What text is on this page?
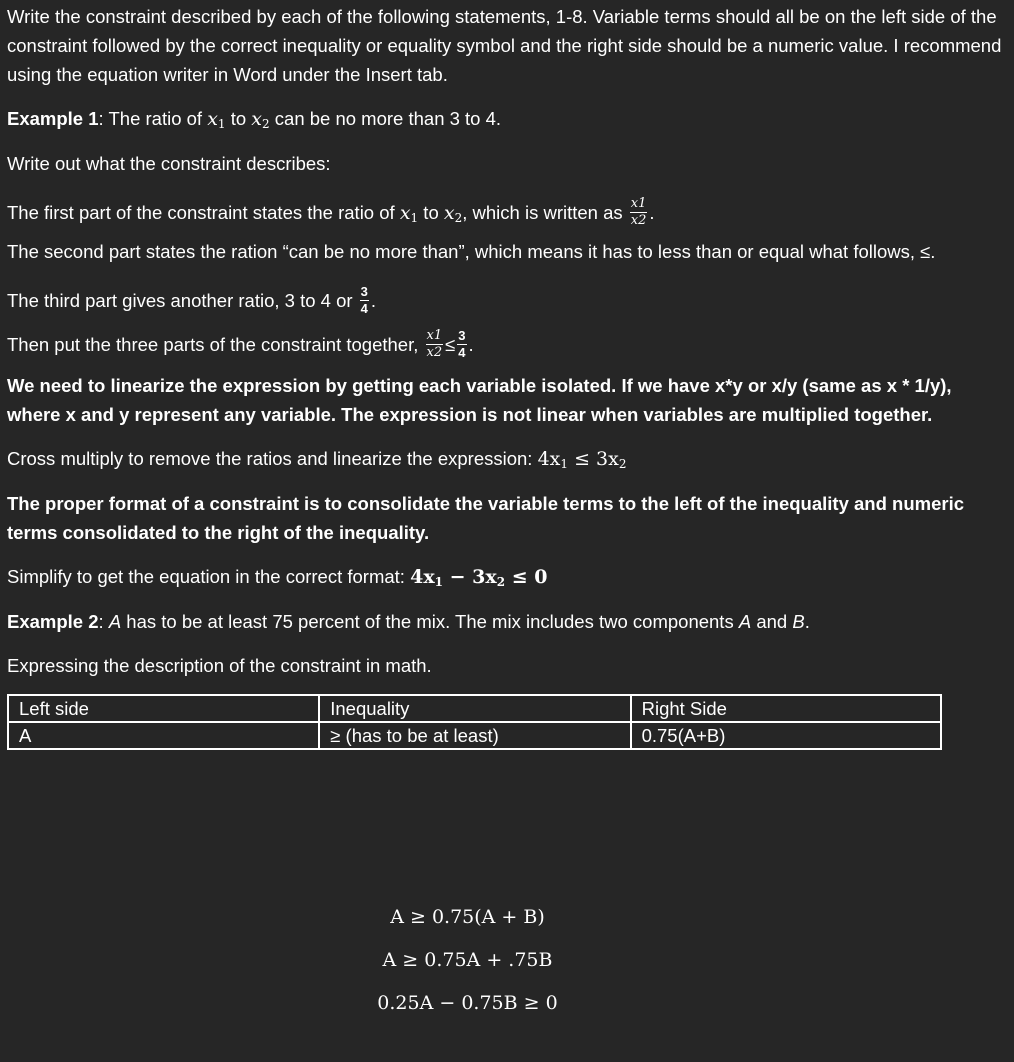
Write the constraint described by each of the following statements, 1-8. Variable terms should all be on the left side of the constraint followed by the correct inequality or equality symbol and the right side should be a numeric value. I recommend using the equation writer in Word under the Insert tab.

Example 1: The ratio of $x_1$ to $x_2$ can be no more than 3 to 4.

Write out what the constraint describes:

The first part of the constraint states the ratio of $x_1$ to $x_2$, which is written as $\frac{x1}{x2}$ .

The second part states the ration “can be no more than”, which means it has to less than or equal what follows, ≤.

The third part gives another ratio, 3 to 4 or $\frac{3}{4}$ .

Then put the three parts of the constraint together, $\frac{x1}{x2} \le \frac{3}{4}$ .

We need to linearize the expression by getting each variable isolated. If we have x*y or x/y (same as x * 1/y), where x and y represent any variable. The expression is not linear when variables are multiplied together.

Cross multiply to remove the ratios and linearize the expression: $4x_1 \le 3x_2$

The proper format of a constraint is to consolidate the variable terms to the left of the inequality and numeric terms consolidated to the right of the inequality.

Simplify to get the equation in the correct format: $4x_1 - 3x_2 \le 0$

Example 2: A has to be at least 75 percent of the mix. The mix includes two components A and B.

Expressing the description of the constraint in math.

Left side	Inequality	Right Side
A	≥ (has to be at least)	0.75(A+B)
A ≥ 0.75(A + B)
A ≥ 0.75A + .75B
0.25A − 0.75B ≥ 0
